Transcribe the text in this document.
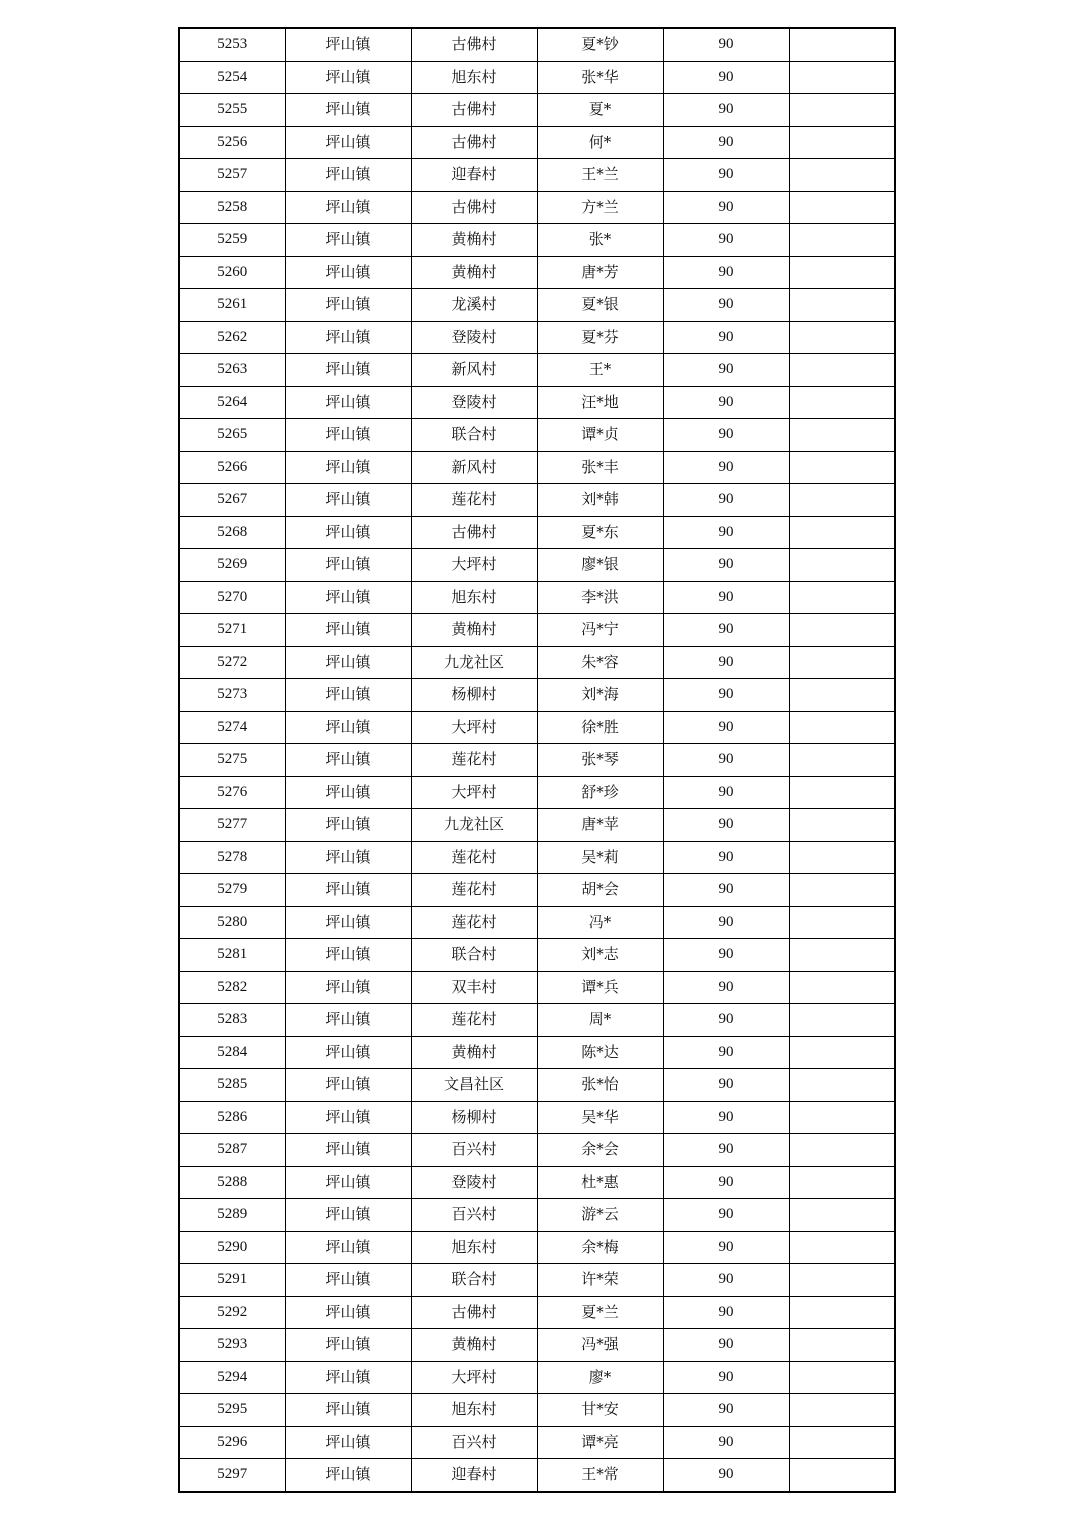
5253	坪山镇	古佛村	夏*钞	90	
5254	坪山镇	旭东村	张*华	90	
5255	坪山镇	古佛村	夏*	90	
5256	坪山镇	古佛村	何*	90	
5257	坪山镇	迎春村	王*兰	90	
5258	坪山镇	古佛村	方*兰	90	
5259	坪山镇	黄桷村	张*	90	
5260	坪山镇	黄桷村	唐*芳	90	
5261	坪山镇	龙溪村	夏*银	90	
5262	坪山镇	登陵村	夏*芬	90	
5263	坪山镇	新风村	王*	90	
5264	坪山镇	登陵村	汪*地	90	
5265	坪山镇	联合村	谭*贞	90	
5266	坪山镇	新风村	张*丰	90	
5267	坪山镇	莲花村	刘*韩	90	
5268	坪山镇	古佛村	夏*东	90	
5269	坪山镇	大坪村	廖*银	90	
5270	坪山镇	旭东村	李*洪	90	
5271	坪山镇	黄桷村	冯*宁	90	
5272	坪山镇	九龙社区	朱*容	90	
5273	坪山镇	杨柳村	刘*海	90	
5274	坪山镇	大坪村	徐*胜	90	
5275	坪山镇	莲花村	张*琴	90	
5276	坪山镇	大坪村	舒*珍	90	
5277	坪山镇	九龙社区	唐*苹	90	
5278	坪山镇	莲花村	吴*莉	90	
5279	坪山镇	莲花村	胡*会	90	
5280	坪山镇	莲花村	冯*	90	
5281	坪山镇	联合村	刘*志	90	
5282	坪山镇	双丰村	谭*兵	90	
5283	坪山镇	莲花村	周*	90	
5284	坪山镇	黄桷村	陈*达	90	
5285	坪山镇	文昌社区	张*怡	90	
5286	坪山镇	杨柳村	吴*华	90	
5287	坪山镇	百兴村	余*会	90	
5288	坪山镇	登陵村	杜*惠	90	
5289	坪山镇	百兴村	游*云	90	
5290	坪山镇	旭东村	余*梅	90	
5291	坪山镇	联合村	许*荣	90	
5292	坪山镇	古佛村	夏*兰	90	
5293	坪山镇	黄桷村	冯*强	90	
5294	坪山镇	大坪村	廖*	90	
5295	坪山镇	旭东村	甘*安	90	
5296	坪山镇	百兴村	谭*亮	90	
5297	坪山镇	迎春村	王*常	90	
